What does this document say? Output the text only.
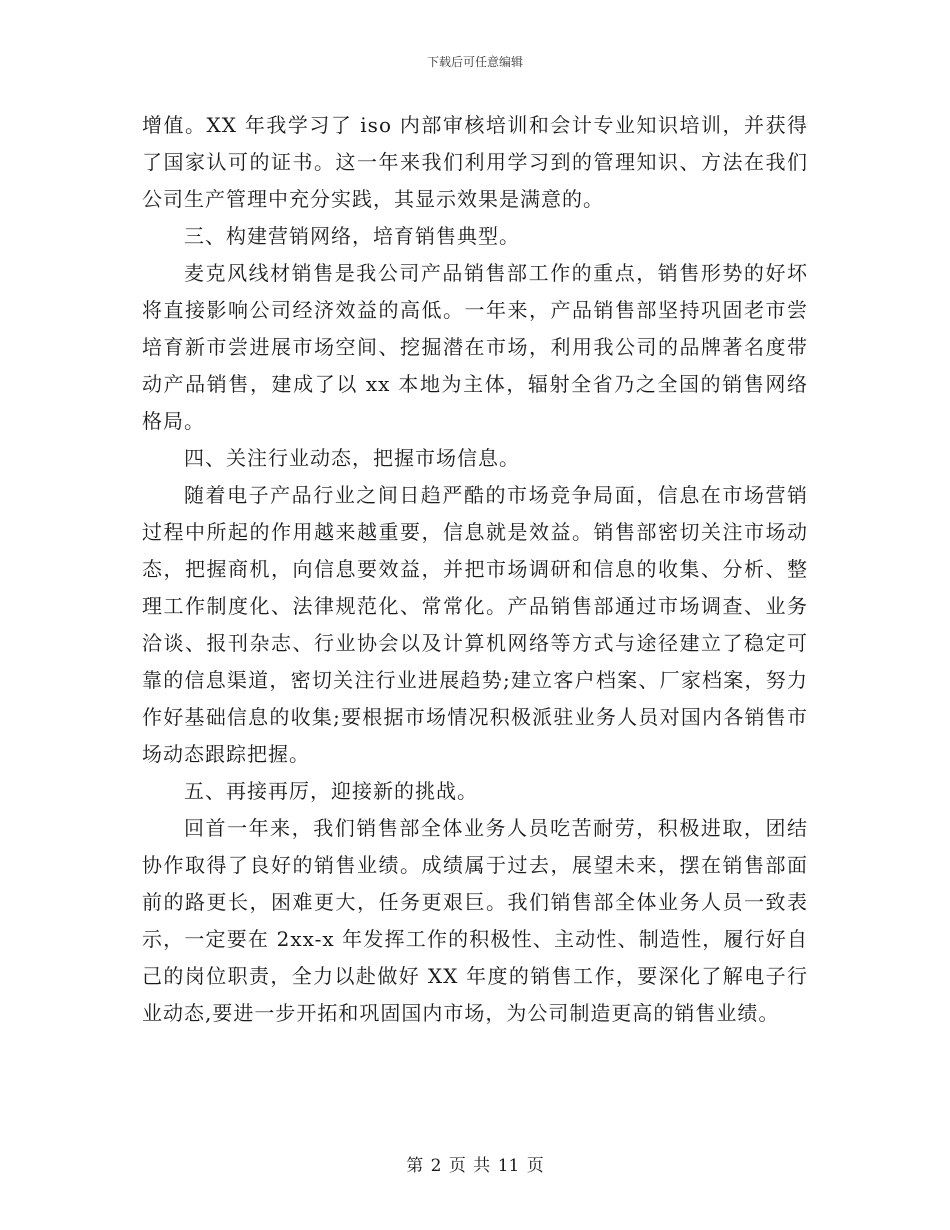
下载后可任意编辑

增值。XX 年我学习了 iso 内部审核培训和会计专业知识培训，并获得了国家认可的证书。这一年来我们利用学习到的管理知识、方法在我们公司生产管理中充分实践，其显示效果是满意的。

三、构建营销网络，培育销售典型。

麦克风线材销售是我公司产品销售部工作的重点，销售形势的好坏将直接影响公司经济效益的高低。一年来，产品销售部坚持巩固老市尝培育新市尝进展市场空间、挖掘潜在市场，利用我公司的品牌著名度带动产品销售，建成了以 xx 本地为主体，辐射全省乃之全国的销售网络格局。

四、关注行业动态，把握市场信息。

随着电子产品行业之间日趋严酷的市场竞争局面，信息在市场营销过程中所起的作用越来越重要，信息就是效益。销售部密切关注市场动态，把握商机，向信息要效益，并把市场调研和信息的收集、分析、整理工作制度化、法律规范化、常常化。产品销售部通过市场调查、业务洽谈、报刊杂志、行业协会以及计算机网络等方式与途径建立了稳定可靠的信息渠道，密切关注行业进展趋势;建立客户档案、厂家档案，努力作好基础信息的收集;要根据市场情况积极派驻业务人员对国内各销售市场动态跟踪把握。

五、再接再厉，迎接新的挑战。

回首一年来，我们销售部全体业务人员吃苦耐劳，积极进取，团结协作取得了良好的销售业绩。成绩属于过去，展望未来，摆在销售部面前的路更长，困难更大，任务更艰巨。我们销售部全体业务人员一致表示，一定要在 2xx-x 年发挥工作的积极性、主动性、制造性，履行好自己的岗位职责，全力以赴做好 XX 年度的销售工作，要深化了解电子行业动态,要进一步开拓和巩固国内市场，为公司制造更高的销售业绩。

第 2 页 共 11 页
